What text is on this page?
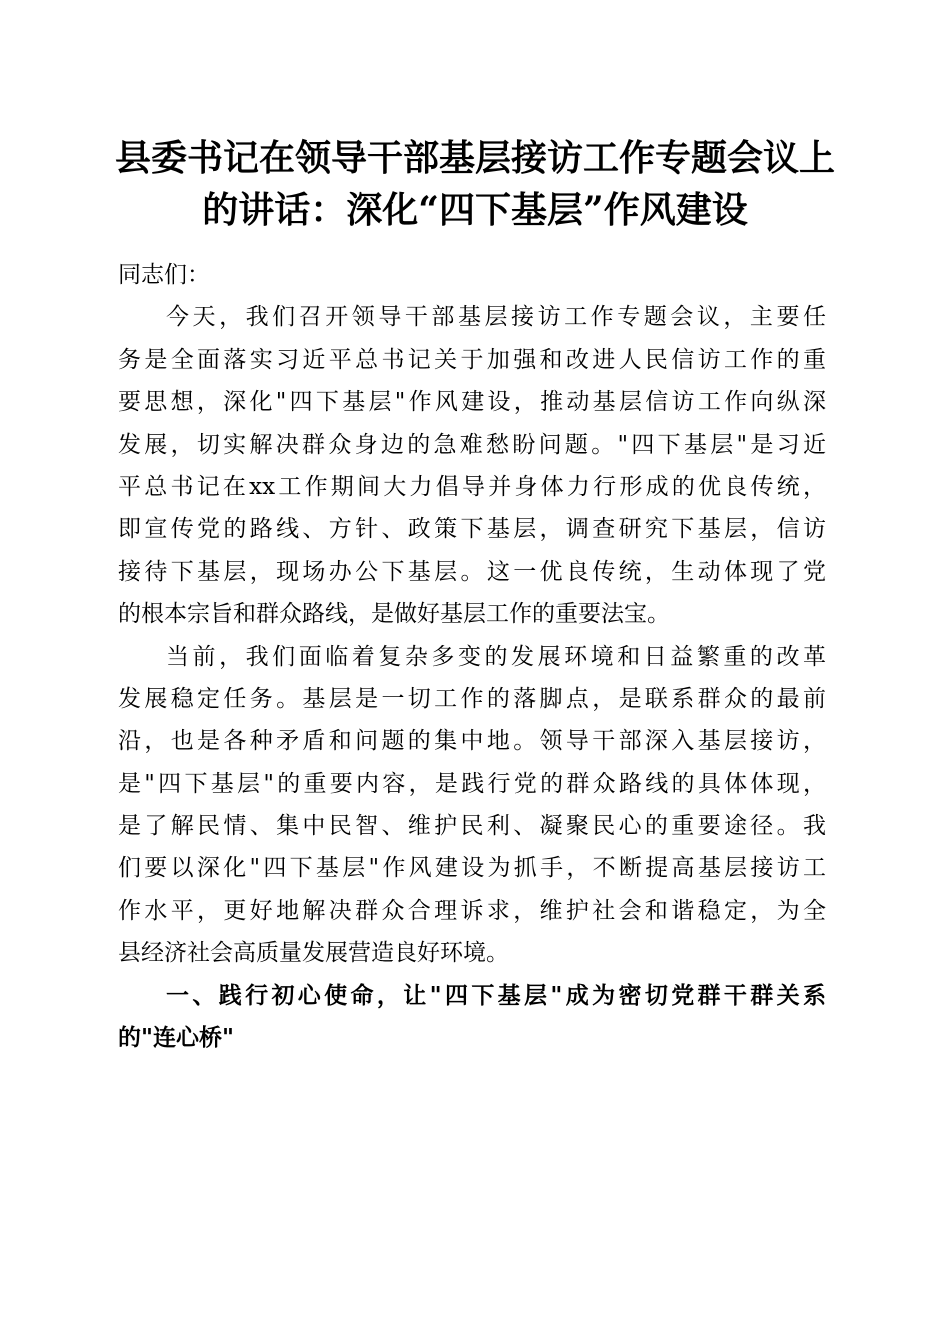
县委书记在领导干部基层接访工作专题会议上
的讲话：深化“四下基层”作风建设
同志们：
今天，我们召开领导干部基层接访工作专题会议，主要任
务是全面落实习近平总书记关于加强和改进人民信访工作的重
要思想，深化"四下基层"作风建设，推动基层信访工作向纵深
发展，切实解决群众身边的急难愁盼问题。"四下基层"是习近
平总书记在xx工作期间大力倡导并身体力行形成的优良传统，
即宣传党的路线、方针、政策下基层，调查研究下基层，信访
接待下基层，现场办公下基层。这一优良传统，生动体现了党
的根本宗旨和群众路线，是做好基层工作的重要法宝。
当前，我们面临着复杂多变的发展环境和日益繁重的改革
发展稳定任务。基层是一切工作的落脚点，是联系群众的最前
沿，也是各种矛盾和问题的集中地。领导干部深入基层接访，
是"四下基层"的重要内容，是践行党的群众路线的具体体现，
是了解民情、集中民智、维护民利、凝聚民心的重要途径。我
们要以深化"四下基层"作风建设为抓手，不断提高基层接访工
作水平，更好地解决群众合理诉求，维护社会和谐稳定，为全
县经济社会高质量发展营造良好环境。
一、践行初心使命，让"四下基层"成为密切党群干群关系
的"连心桥"
